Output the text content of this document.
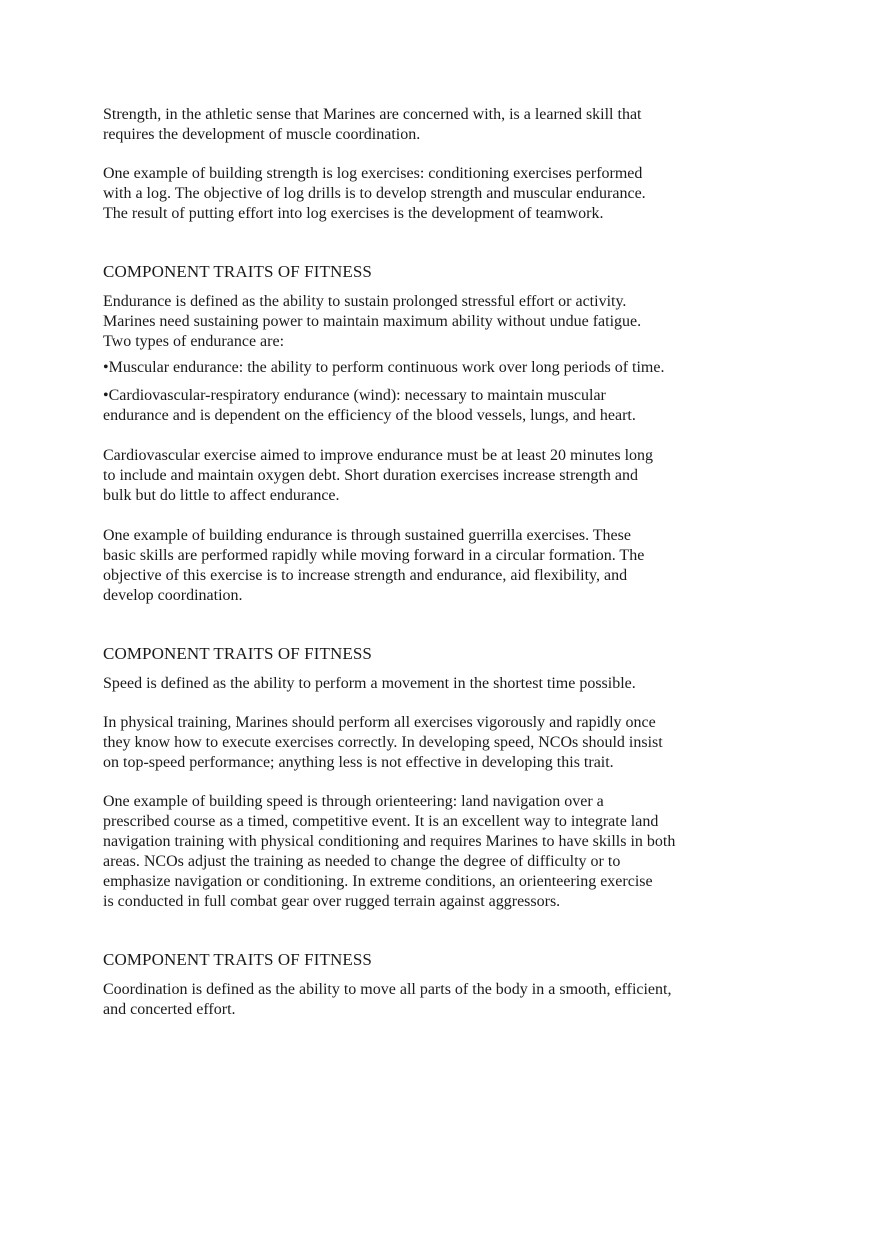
Strength, in the athletic sense that Marines are concerned with, is a learned skill that
requires the development of muscle coordination.

One example of building strength is log exercises: conditioning exercises performed
with a log. The objective of log drills is to develop strength and muscular endurance.
The result of putting effort into log exercises is the development of teamwork.

COMPONENT TRAITS OF FITNESS

Endurance is defined as the ability to sustain prolonged stressful effort or activity.
Marines need sustaining power to maintain maximum ability without undue fatigue.
Two types of endurance are:

•Muscular endurance: the ability to perform continuous work over long periods of time.

•Cardiovascular-respiratory endurance (wind): necessary to maintain muscular
endurance and is dependent on the efficiency of the blood vessels, lungs, and heart.

Cardiovascular exercise aimed to improve endurance must be at least 20 minutes long
to include and maintain oxygen debt. Short duration exercises increase strength and
bulk but do little to affect endurance.

One example of building endurance is through sustained guerrilla exercises. These
basic skills are performed rapidly while moving forward in a circular formation. The
objective of this exercise is to increase strength and endurance, aid flexibility, and
develop coordination.

COMPONENT TRAITS OF FITNESS

Speed is defined as the ability to perform a movement in the shortest time possible.

In physical training, Marines should perform all exercises vigorously and rapidly once
they know how to execute exercises correctly. In developing speed, NCOs should insist
on top-speed performance; anything less is not effective in developing this trait.

One example of building speed is through orienteering: land navigation over a
prescribed course as a timed, competitive event. It is an excellent way to integrate land
navigation training with physical conditioning and requires Marines to have skills in both
areas. NCOs adjust the training as needed to change the degree of difficulty or to
emphasize navigation or conditioning. In extreme conditions, an orienteering exercise
is conducted in full combat gear over rugged terrain against aggressors.

COMPONENT TRAITS OF FITNESS

Coordination is defined as the ability to move all parts of the body in a smooth, efficient,
and concerted effort.
